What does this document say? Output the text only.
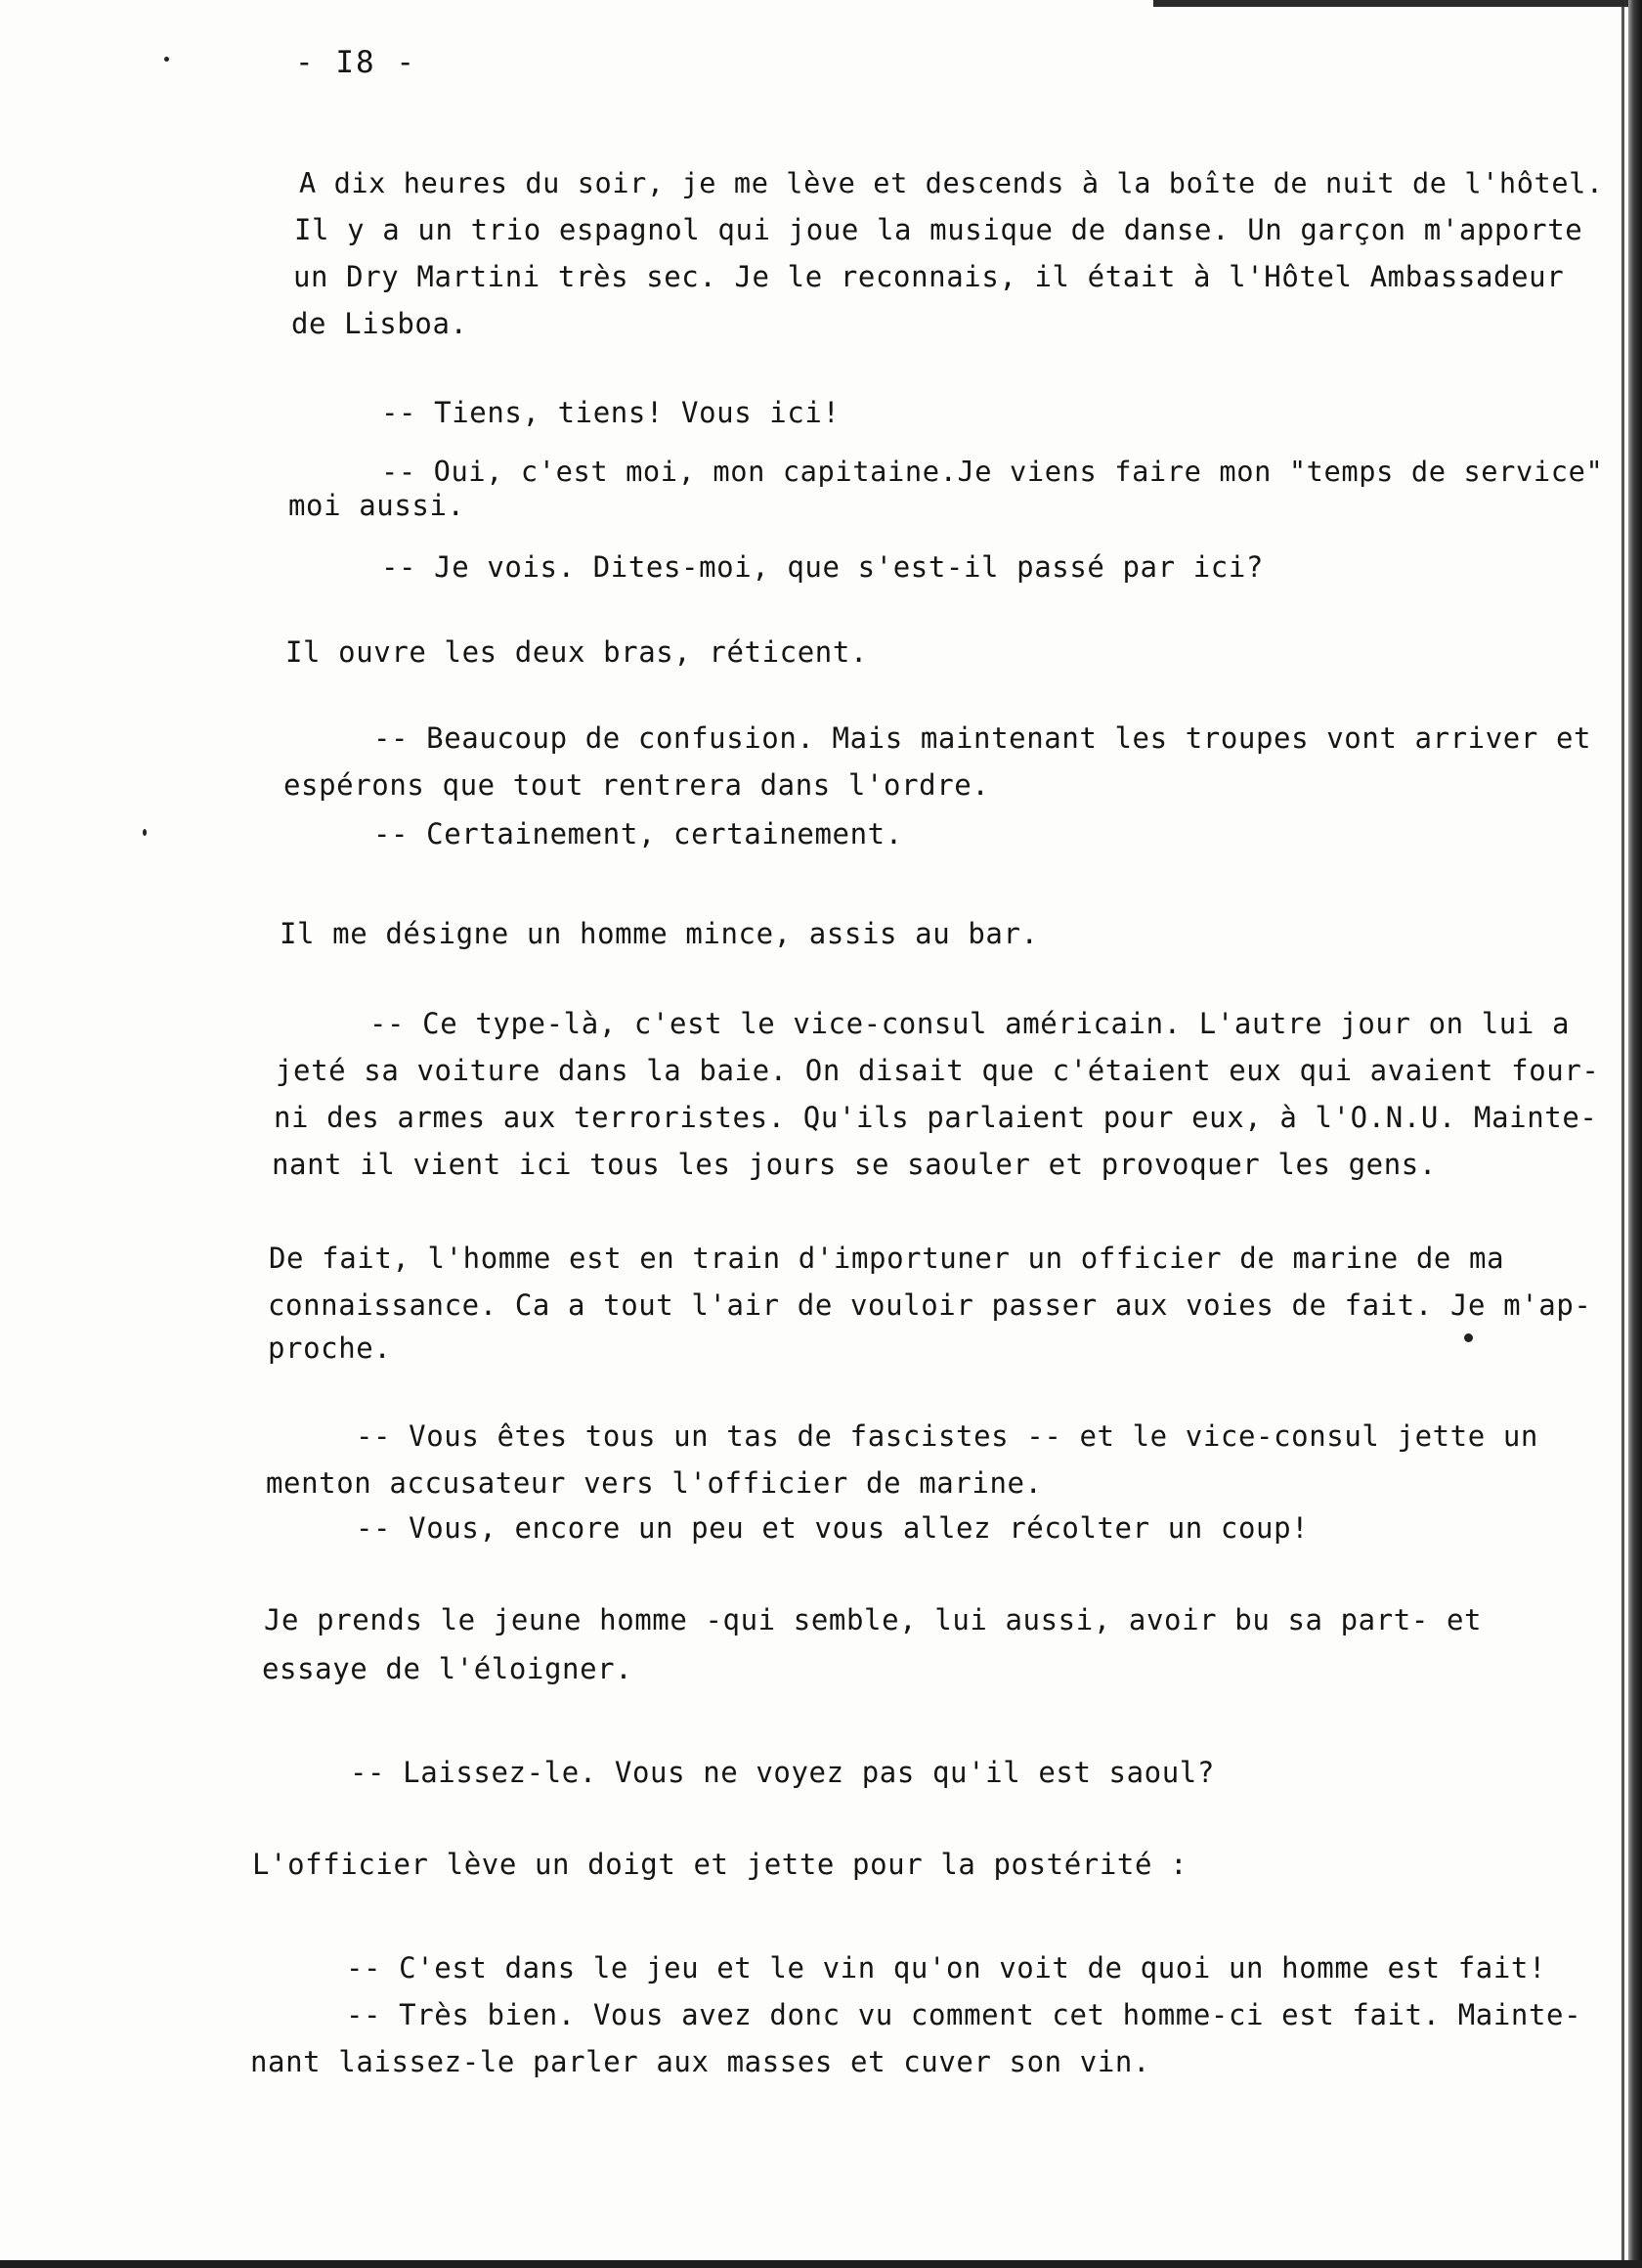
- I8 -
A dix heures du soir, je me lève et descends à la boîte de nuit de l'hôtel.
Il y a un trio espagnol qui joue la musique de danse. Un garçon m'apporte
un Dry Martini très sec. Je le reconnais, il était à l'Hôtel Ambassadeur
de Lisboa.
-- Tiens, tiens! Vous ici!
-- Oui, c'est moi, mon capitaine.Je viens faire mon "temps de service"
moi aussi.
-- Je vois. Dites-moi, que s'est-il passé par ici?
Il ouvre les deux bras, réticent.
-- Beaucoup de confusion. Mais maintenant les troupes vont arriver et
espérons que tout rentrera dans l'ordre.
-- Certainement, certainement.
Il me désigne un homme mince, assis au bar.
-- Ce type-là, c'est le vice-consul américain. L'autre jour on lui a
jeté sa voiture dans la baie. On disait que c'étaient eux qui avaient four-
ni des armes aux terroristes. Qu'ils parlaient pour eux, à l'O.N.U. Mainte-
nant il vient ici tous les jours se saouler et provoquer les gens.
De fait, l'homme est en train d'importuner un officier de marine de ma
connaissance. Ca a tout l'air de vouloir passer aux voies de fait. Je m'ap-
proche.
-- Vous êtes tous un tas de fascistes -- et le vice-consul jette un
menton accusateur vers l'officier de marine.
-- Vous, encore un peu et vous allez récolter un coup!
Je prends le jeune homme -qui semble, lui aussi, avoir bu sa part- et
essaye de l'éloigner.
-- Laissez-le. Vous ne voyez pas qu'il est saoul?
L'officier lève un doigt et jette pour la postérité :
-- C'est dans le jeu et le vin qu'on voit de quoi un homme est fait!
-- Très bien. Vous avez donc vu comment cet homme-ci est fait. Mainte-
nant laissez-le parler aux masses et cuver son vin.
